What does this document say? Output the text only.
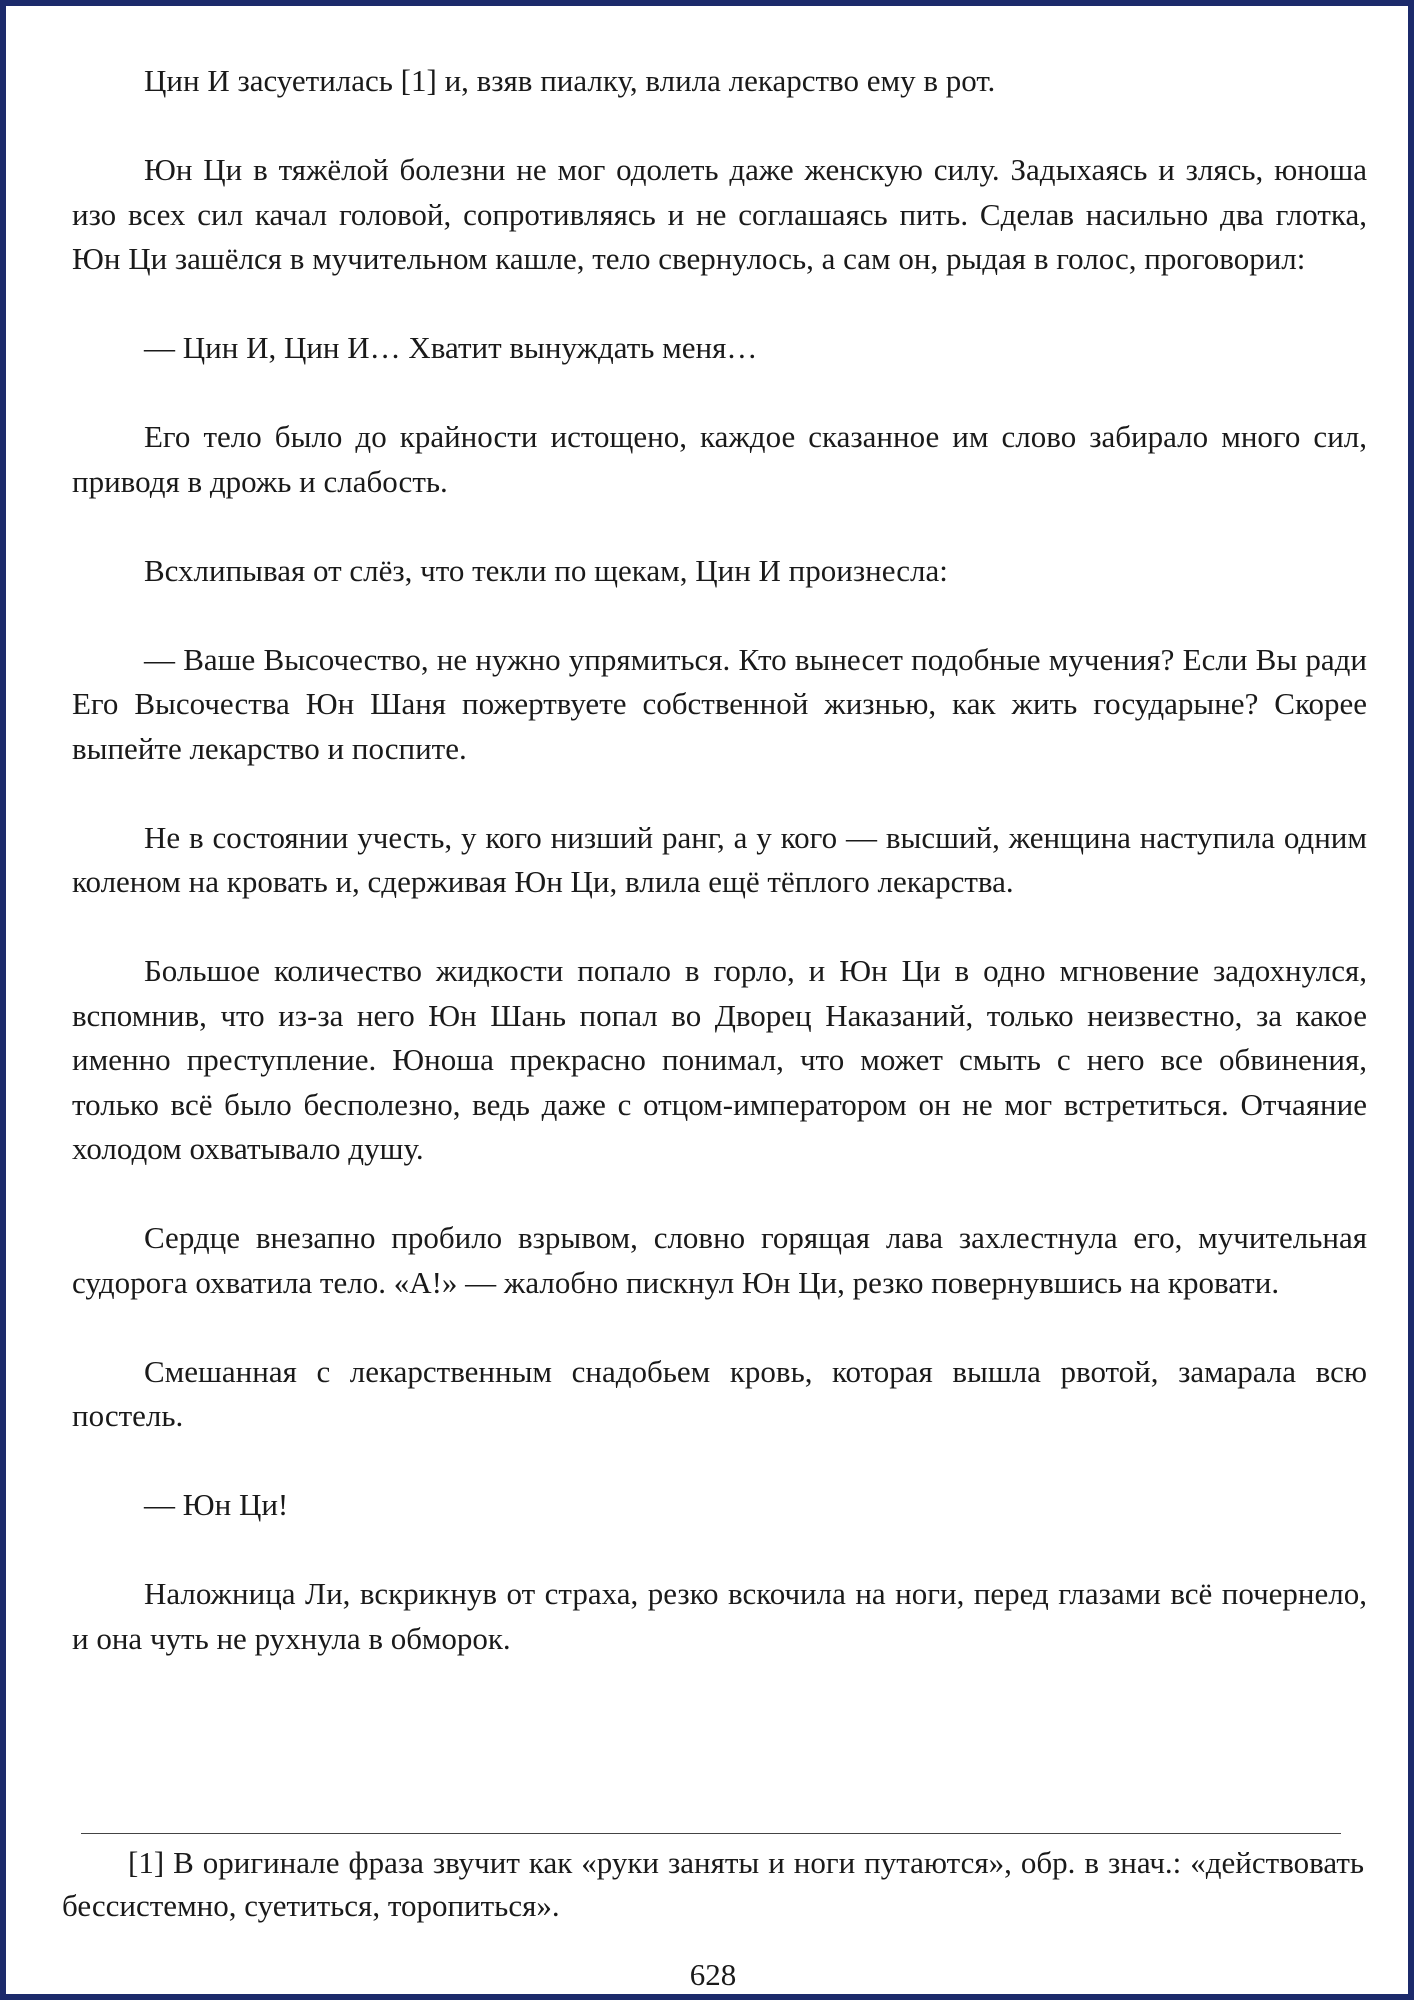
Цин И засуетилась [1] и, взяв пиалку, влила лекарство ему в рот.

Юн Ци в тяжёлой болезни не мог одолеть даже женскую силу. Задыхаясь и злясь, юноша изо всех сил качал головой, сопротивляясь и не соглашаясь пить. Сделав насильно два глотка, Юн Ци зашёлся в мучительном кашле, тело свернулось, а сам он, рыдая в голос, проговорил:

— Цин И, Цин И… Хватит вынуждать меня…

Его тело было до крайности истощено, каждое сказанное им слово забирало много сил, приводя в дрожь и слабость.

Всхлипывая от слёз, что текли по щекам, Цин И произнесла:

— Ваше Высочество, не нужно упрямиться. Кто вынесет подобные мучения? Если Вы ради Его Высочества Юн Шаня пожертвуете собственной жизнью, как жить государыне? Скорее выпейте лекарство и поспите.

Не в состоянии учесть, у кого низший ранг, а у кого — высший, женщина наступила одним коленом на кровать и, сдерживая Юн Ци, влила ещё тёплого лекарства.

Большое количество жидкости попало в горло, и Юн Ци в одно мгновение задохнулся, вспомнив, что из-за него Юн Шань попал во Дворец Наказаний, только неизвестно, за какое именно преступление. Юноша прекрасно понимал, что может смыть с него все обвинения, только всё было бесполезно, ведь даже с отцом-императором он не мог встретиться. Отчаяние холодом охватывало душу.

Сердце внезапно пробило взрывом, словно горящая лава захлестнула его, мучительная судорога охватила тело. «А!» — жалобно пискнул Юн Ци, резко повернувшись на кровати.

Смешанная с лекарственным снадобьем кровь, которая вышла рвотой, замарала всю постель.

— Юн Ци!

Наложница Ли, вскрикнув от страха, резко вскочила на ноги, перед глазами всё почернело, и она чуть не рухнула в обморок.

[1] В оригинале фраза звучит как «руки заняты и ноги путаются», обр. в знач.: «действовать бессистемно, суетиться, торопиться».

628
